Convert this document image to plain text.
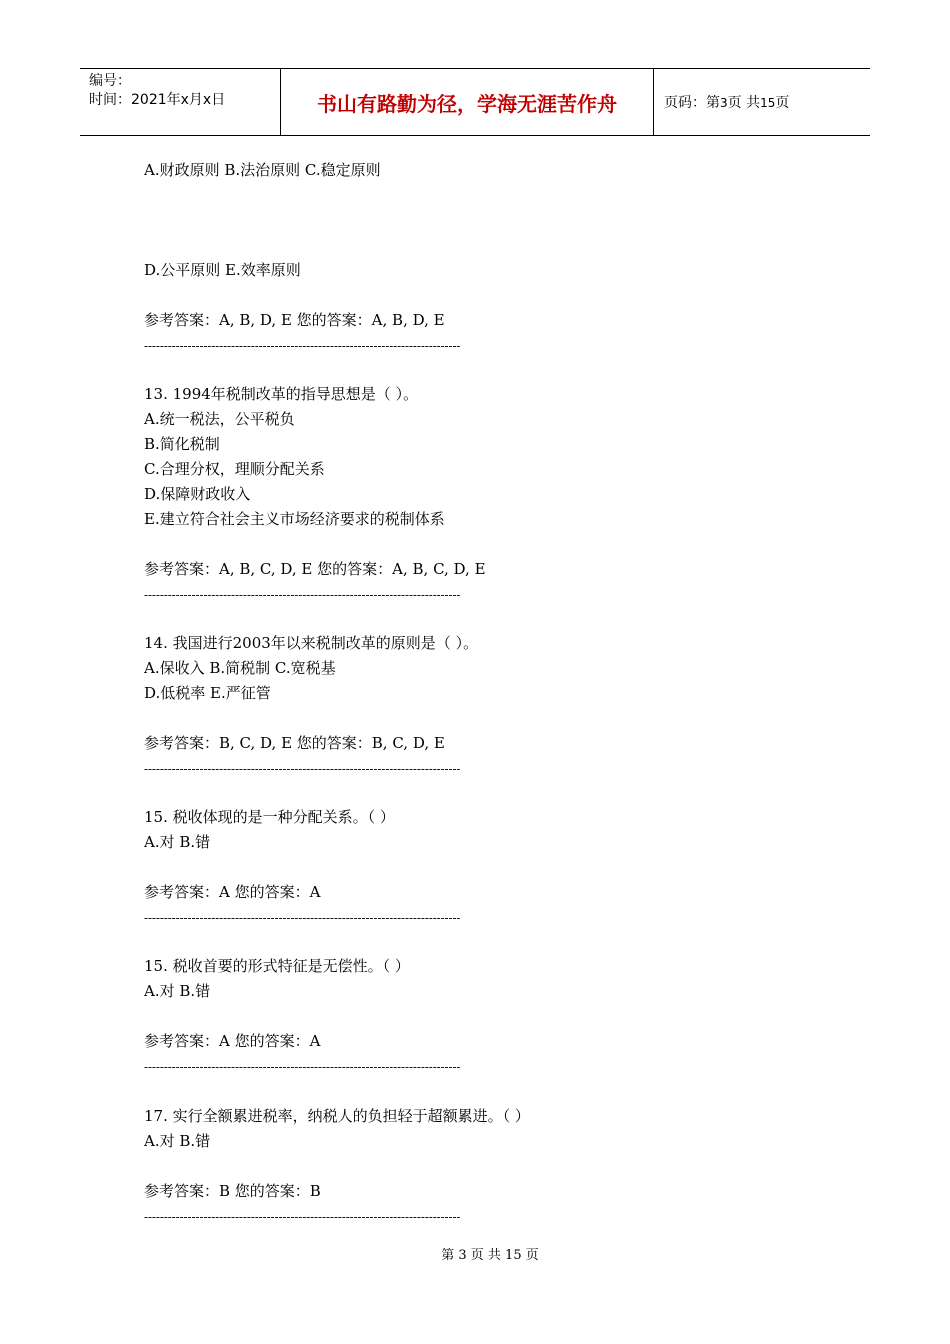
编号：
时间：2021年x月x日	书山有路勤为径，学海无涯苦作舟	页码：第3页 共15页
A.财政原则 B.法治原则 C.稳定原则
D.公平原则 E.效率原则
参考答案：A, B, D, E 您的答案：A, B, D, E
--------------------------------------------------------------------------------
13. 1994年税制改革的指导思想是（ ）。
A.统一税法，公平税负
B.简化税制
C.合理分权，理顺分配关系
D.保障财政收入
E.建立符合社会主义市场经济要求的税制体系
参考答案：A, B, C, D, E 您的答案：A, B, C, D, E
--------------------------------------------------------------------------------
14. 我国进行2003年以来税制改革的原则是（ ）。
A.保收入 B.简税制 C.宽税基
D.低税率 E.严征管
参考答案：B, C, D, E 您的答案：B, C, D, E
--------------------------------------------------------------------------------
15. 税收体现的是一种分配关系。（ ）
A.对 B.错
参考答案：A 您的答案：A
--------------------------------------------------------------------------------
15. 税收首要的形式特征是无偿性。（ ）
A.对 B.错
参考答案：A 您的答案：A
--------------------------------------------------------------------------------
17. 实行全额累进税率，纳税人的负担轻于超额累进。（ ）
A.对 B.错
参考答案：B 您的答案：B
--------------------------------------------------------------------------------
第 3 页 共 15 页
